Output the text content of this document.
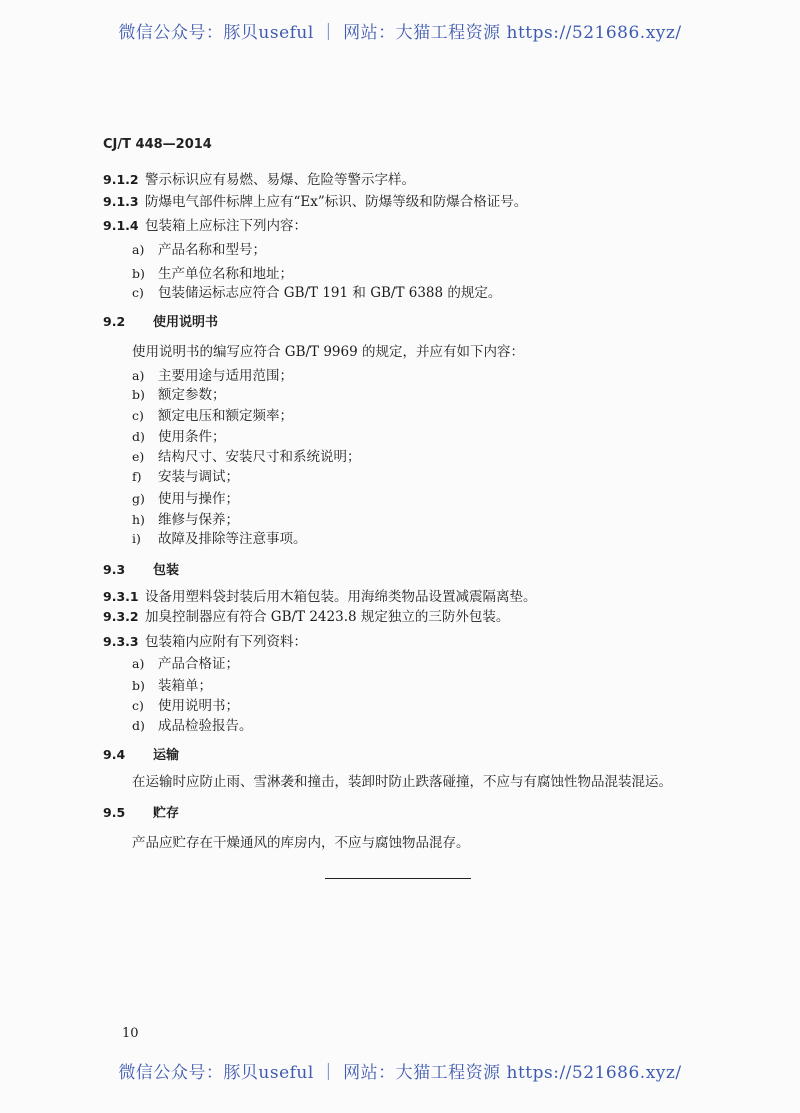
微信公众号：豚贝useful ｜ 网站：大猫工程资源 https://521686.xyz/
CJ/T 448—2014
9.1.2 警示标识应有易燃、易爆、危险等警示字样。
9.1.3 防爆电气部件标牌上应有“Ex”标识、防爆等级和防爆合格证号。
9.1.4 包装箱上应标注下列内容：
a) 产品名称和型号；
b) 生产单位名称和地址；
c) 包装储运标志应符合 GB/T 191 和 GB/T 6388 的规定。
9.2 使用说明书
使用说明书的编写应符合 GB/T 9969 的规定，并应有如下内容：
a) 主要用途与适用范围；
b) 额定参数；
c) 额定电压和额定频率；
d) 使用条件；
e) 结构尺寸、安装尺寸和系统说明；
f) 安装与调试；
g) 使用与操作；
h) 维修与保养；
i) 故障及排除等注意事项。
9.3 包装
9.3.1 设备用塑料袋封装后用木箱包装。用海绵类物品设置减震隔离垫。
9.3.2 加臭控制器应有符合 GB/T 2423.8 规定独立的三防外包装。
9.3.3 包装箱内应附有下列资料：
a) 产品合格证；
b) 装箱单；
c) 使用说明书；
d) 成品检验报告。
9.4 运输
在运输时应防止雨、雪淋袭和撞击，装卸时防止跌落碰撞，不应与有腐蚀性物品混装混运。
9.5 贮存
产品应贮存在干燥通风的库房内，不应与腐蚀物品混存。
10
微信公众号：豚贝useful ｜ 网站：大猫工程资源 https://521686.xyz/
